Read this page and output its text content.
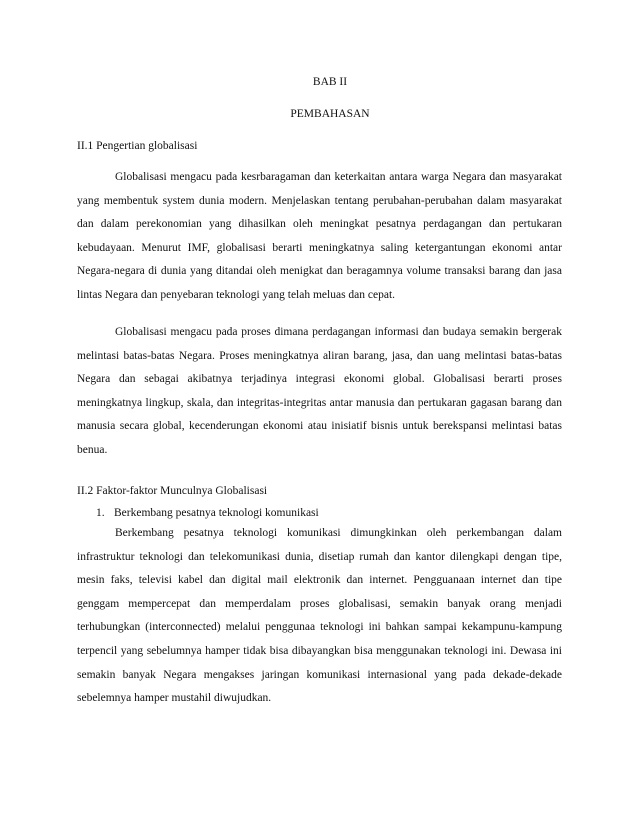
BAB II
PEMBAHASAN
II.1 Pengertian globalisasi

Globalisasi mengacu pada kesrbaragaman dan keterkaitan antara warga Negara dan masyarakat yang membentuk system dunia modern. Menjelaskan tentang perubahan-perubahan dalam masyarakat dan dalam perekonomian yang dihasilkan oleh meningkat pesatnya perdagangan dan pertukaran kebudayaan. Menurut IMF, globalisasi berarti meningkatnya saling ketergantungan ekonomi antar Negara-negara di dunia yang ditandai oleh menigkat dan beragamnya volume transaksi barang dan jasa lintas Negara dan penyebaran teknologi yang telah meluas dan cepat.

Globalisasi mengacu pada proses dimana perdagangan informasi dan budaya semakin bergerak melintasi batas-batas Negara. Proses meningkatnya aliran barang, jasa, dan uang melintasi batas-batas Negara dan sebagai akibatnya terjadinya integrasi ekonomi global. Globalisasi berarti proses meningkatnya lingkup, skala, dan integritas-integritas antar manusia dan pertukaran gagasan barang dan manusia secara global, kecenderungan ekonomi atau inisiatif bisnis untuk berekspansi melintasi batas benua.

II.2 Faktor-faktor Munculnya Globalisasi
1. Berkembang pesatnya teknologi komunikasi

Berkembang pesatnya teknologi komunikasi dimungkinkan oleh perkembangan dalam infrastruktur teknologi dan telekomunikasi dunia, disetiap rumah dan kantor dilengkapi dengan tipe, mesin faks, televisi kabel dan digital mail elektronik dan internet. Pengguanaan internet dan tipe genggam mempercepat dan memperdalam proses globalisasi, semakin banyak orang menjadi terhubungkan (interconnected) melalui penggunaa teknologi ini bahkan sampai kekampunu-kampung terpencil yang sebelumnya hamper tidak bisa dibayangkan bisa menggunakan teknologi ini. Dewasa ini semakin banyak Negara mengakses jaringan komunikasi internasional yang pada dekade-dekade sebelemnya hamper mustahil diwujudkan.
